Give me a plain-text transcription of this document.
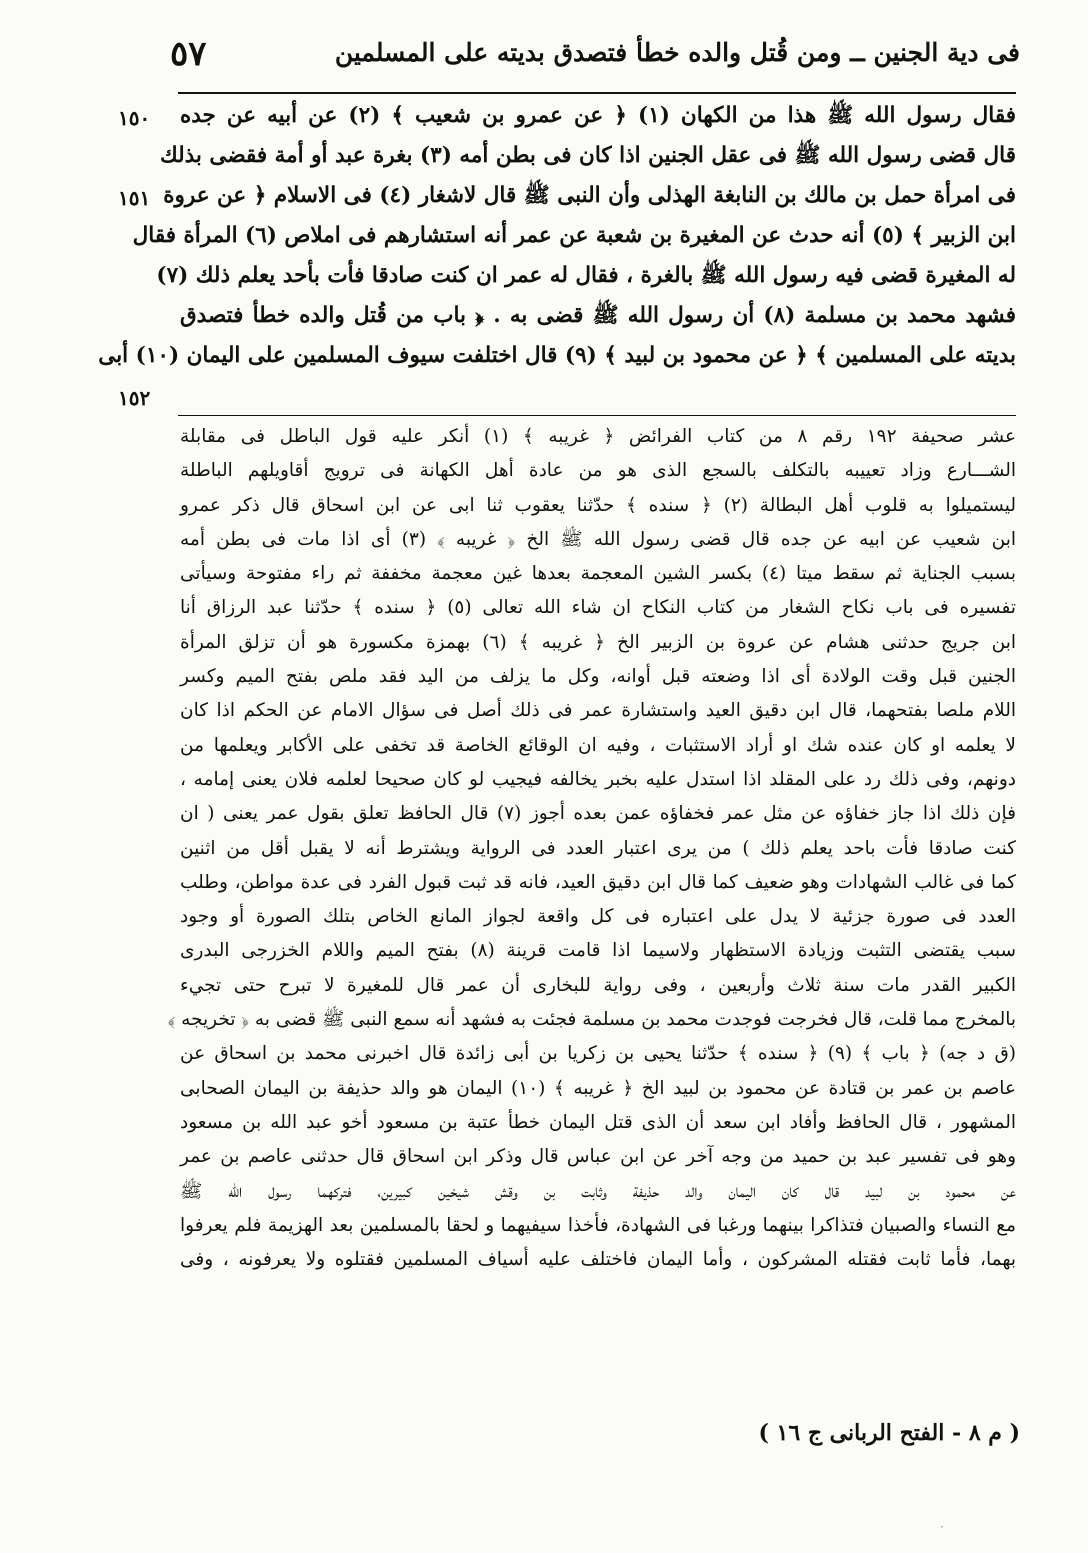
فى دية الجنين ــ ومن قُتل والده خطأ فتصدق بديته على المسلمين
٥٧
فقال رسول الله ﷺ هذا من الكهان (١) ﴿ عن عمرو بن شعيب ﴾ (٢) عن أبيه عن جده
قال قضى رسول الله ﷺ فى عقل الجنين اذا كان فى بطن أمه (٣) بغرة عبد أو أمة فقضى بذلك
فى امرأة حمل بن مالك بن النابغة الهذلى وأن النبى ﷺ قال لاشغار (٤) فى الاسلام ﴿ عن عروة
ابن الزبير ﴾ (٥) أنه حدث عن المغيرة بن شعبة عن عمر أنه استشارهم فى املاص (٦) المرأة فقال
له المغيرة قضى فيه رسول الله ﷺ بالغرة ، فقال له عمر ان كنت صادقا فأت بأحد يعلم ذلك (٧)
فشهد محمد بن مسلمة (٨) أن رسول الله ﷺ قضى به . ﴿ باب من قُتل والده خطأ فتصدق
بديته على المسلمين ﴾ ﴿ عن محمود بن لبيد ﴾ (٩) قال اختلفت سيوف المسلمين على اليمان (١٠) أبى
١٥٠
١٥١
١٥٢
عشر صحيفة ١٩٢ رقم ٨ من كتاب الفرائض ﴿ غريبه ﴾ (١) أنكر عليه قول الباطل فى مقابلة
الشـــارع وزاد تعييبه بالتكلف بالسجع الذى هو من عادة أهل الكهانة فى ترويج أقاويلهم الباطلة
ليستميلوا به قلوب أهل البطالة (٢) ﴿ سنده ﴾ حدّثنا يعقوب ثنا ابى عن ابن اسحاق قال ذكر عمرو
ابن شعيب عن ابيه عن جده قال قضى رسول الله ﷺ الخ ﴿ غريبه ﴾ (٣) أى اذا مات فى بطن أمه
بسبب الجناية ثم سقط ميتا (٤) بكسر الشين المعجمة بعدها غين معجمة مخففة ثم راء مفتوحة وسيأتى
تفسيره فى باب نكاح الشغار من كتاب النكاح ان شاء الله تعالى (٥) ﴿ سنده ﴾ حدّثنا عبد الرزاق أنا
ابن جريج حدثنى هشام عن عروة بن الزبير الخ ﴿ غريبه ﴾ (٦) بهمزة مكسورة هو أن تزلق المرأة
الجنين قبل وقت الولادة أى اذا وضعته قبل أوانه، وكل ما يزلف من اليد فقد ملص بفتح الميم وكسر
اللام ملصا بفتحهما، قال ابن دقيق العيد واستشارة عمر فى ذلك أصل فى سؤال الامام عن الحكم اذا كان
لا يعلمه او كان عنده شك او أراد الاستثبات ، وفيه ان الوقائع الخاصة قد تخفى على الأكابر ويعلمها من
دونهم، وفى ذلك رد على المقلد اذا استدل عليه بخبر يخالفه فيجيب لو كان صحيحا لعلمه فلان يعنى إمامه ،
فإن ذلك اذا جاز خفاؤه عن مثل عمر فخفاؤه عمن بعده أجوز (٧) قال الحافظ تعلق بقول عمر يعنى ( ان
كنت صادقا فأت باحد يعلم ذلك ) من يرى اعتبار العدد فى الرواية ويشترط أنه لا يقبل أقل من اثنين
كما فى غالب الشهادات وهو ضعيف كما قال ابن دقيق العيد، فانه قد ثبت قبول الفرد فى عدة مواطن، وطلب
العدد فى صورة جزئية لا يدل على اعتباره فى كل واقعة لجواز المانع الخاص بتلك الصورة أو وجود
سبب يقتضى التثبت وزيادة الاستظهار ولاسيما اذا قامت قرينة (٨) بفتح الميم واللام الخزرجى البدرى
الكبير القدر مات سنة ثلاث وأربعين ، وفى رواية للبخارى أن عمر قال للمغيرة لا تبرح حتى تجيء
بالمخرج مما قلت، قال فخرجت فوجدت محمد بن مسلمة فجئت به فشهد أنه سمع النبى ﷺ قضى به ﴿ تخريجه ﴾
(ق د جه) ﴿ باب ﴾ (٩) ﴿ سنده ﴾ حدّثنا يحيى بن زكريا بن أبى زائدة قال اخبرنى محمد بن اسحاق عن
عاصم بن عمر بن قتادة عن محمود بن لبيد الخ ﴿ غريبه ﴾ (١٠) اليمان هو والد حذيفة بن اليمان الصحابى
المشهور ، قال الحافظ وأفاد ابن سعد أن الذى قتل اليمان خطأ عتبة بن مسعود أخو عبد الله بن مسعود
وهو فى تفسير عبد بن حميد من وجه آخر عن ابن عباس قال وذكر ابن اسحاق قال حدثنى عاصم بن عمر
عن محمود بن لبيد قال كان اليمان والد حذيفة وثابت بن وقش شيخين كبيرين، فتركهما رسول الله ﷺ
مع النساء والصبيان فتذاكرا بينهما ورغبا فى الشهادة، فأخذا سيفيهما و لحقا بالمسلمين بعد الهزيمة فلم يعرفوا
بهما، فأما ثابت فقتله المشركون ، وأما اليمان فاختلف عليه أسياف المسلمين فقتلوه ولا يعرفونه ، وفى
( م ٨ - الفتح الربانى ج ١٦ )
·
